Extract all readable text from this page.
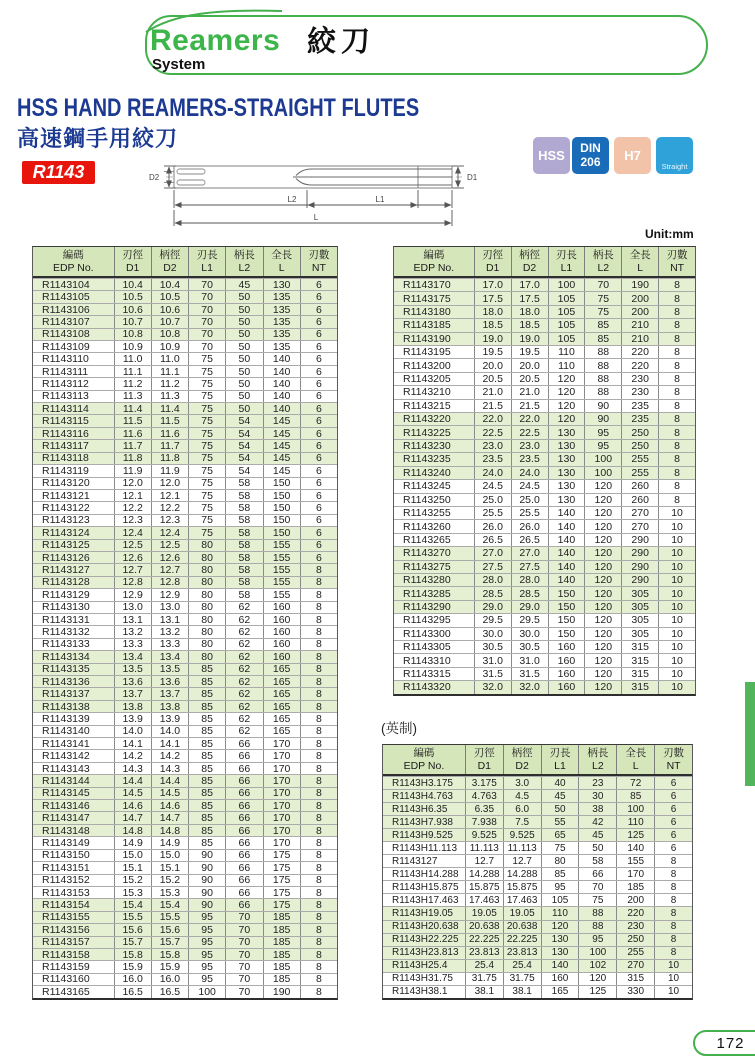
Reamers
System
絞刀
HSS HAND REAMERS-STRAIGHT FLUTES
高速鋼手用絞刀
R1143	D2	D1
L2	L1
L
HSS DIN
206 H7
Straight
Unit:mm
編碼
EDP No.
刃徑
D1
柄徑
D2
刃長
L1
柄長
L2
全長
L
刃數
NT
R1143104	10.4	10.4	70	45	130	6
R1143105	10.5	10.5	70	50	135	6
R1143106	10.6	10.6	70	50	135	6
R1143107	10.7	10.7	70	50	135	6
R1143108	10.8	10.8	70	50	135	6
R1143109	10.9	10.9	70	50	135	6
R1143110	11.0	11.0	75	50	140	6
R1143111	11.1	11.1	75	50	140	6
R1143112	11.2	11.2	75	50	140	6
R1143113	11.3	11.3	75	50	140	6
R1143114	11.4	11.4	75	50	140	6
R1143115	11.5	11.5	75	54	145	6
R1143116	11.6	11.6	75	54	145	6
R1143117	11.7	11.7	75	54	145	6
R1143118	11.8	11.8	75	54	145	6
R1143119	11.9	11.9	75	54	145	6
R1143120	12.0	12.0	75	58	150	6
R1143121	12.1	12.1	75	58	150	6
R1143122	12.2	12.2	75	58	150	6
R1143123	12.3	12.3	75	58	150	6
R1143124	12.4	12.4	75	58	150	6
R1143125	12.5	12.5	80	58	155	6
R1143126	12.6	12.6	80	58	155	6
R1143127	12.7	12.7	80	58	155	8
R1143128	12.8	12.8	80	58	155	8
R1143129	12.9	12.9	80	58	155	8
R1143130	13.0	13.0	80	62	160	8
R1143131	13.1	13.1	80	62	160	8
R1143132	13.2	13.2	80	62	160	8
R1143133	13.3	13.3	80	62	160	8
R1143134	13.4	13.4	80	62	160	8
R1143135	13.5	13.5	85	62	165	8
R1143136	13.6	13.6	85	62	165	8
R1143137	13.7	13.7	85	62	165	8
R1143138	13.8	13.8	85	62	165	8
R1143139	13.9	13.9	85	62	165	8
R1143140	14.0	14.0	85	62	165	8
R1143141	14.1	14.1	85	66	170	8
R1143142	14.2	14.2	85	66	170	8
R1143143	14.3	14.3	85	66	170	8
R1143144	14.4	14.4	85	66	170	8
R1143145	14.5	14.5	85	66	170	8
R1143146	14.6	14.6	85	66	170	8
R1143147	14.7	14.7	85	66	170	8
R1143148	14.8	14.8	85	66	170	8
R1143149	14.9	14.9	85	66	170	8
R1143150	15.0	15.0	90	66	175	8
R1143151	15.1	15.1	90	66	175	8
R1143152	15.2	15.2	90	66	175	8
R1143153	15.3	15.3	90	66	175	8
R1143154	15.4	15.4	90	66	175	8
R1143155	15.5	15.5	95	70	185	8
R1143156	15.6	15.6	95	70	185	8
R1143157	15.7	15.7	95	70	185	8
R1143158	15.8	15.8	95	70	185	8
R1143159	15.9	15.9	95	70	185	8
R1143160	16.0	16.0	95	70	185	8
R1143165	16.5	16.5	100	70	190	8
編碼
EDP No.
刃徑
D1
柄徑
D2
刃長
L1
柄長
L2
全長
L
刃數
NT
R1143170	17.0	17.0	100	70	190	8
R1143175	17.5	17.5	105	75	200	8
R1143180	18.0	18.0	105	75	200	8
R1143185	18.5	18.5	105	85	210	8
R1143190	19.0	19.0	105	85	210	8
R1143195	19.5	19.5	110	88	220	8
R1143200	20.0	20.0	110	88	220	8
R1143205	20.5	20.5	120	88	230	8
R1143210	21.0	21.0	120	88	230	8
R1143215	21.5	21.5	120	90	235	8
R1143220	22.0	22.0	120	90	235	8
R1143225	22.5	22.5	130	95	250	8
R1143230	23.0	23.0	130	95	250	8
R1143235	23.5	23.5	130	100	255	8
R1143240	24.0	24.0	130	100	255	8
R1143245	24.5	24.5	130	120	260	8
R1143250	25.0	25.0	130	120	260	8
R1143255	25.5	25.5	140	120	270	10
R1143260	26.0	26.0	140	120	270	10
R1143265	26.5	26.5	140	120	290	10
R1143270	27.0	27.0	140	120	290	10
R1143275	27.5	27.5	140	120	290	10
R1143280	28.0	28.0	140	120	290	10
R1143285	28.5	28.5	150	120	305	10
R1143290	29.0	29.0	150	120	305	10
R1143295	29.5	29.5	150	120	305	10
R1143300	30.0	30.0	150	120	305	10
R1143305	30.5	30.5	160	120	315	10
R1143310	31.0	31.0	160	120	315	10
R1143315	31.5	31.5	160	120	315	10
R1143320	32.0	32.0	160	120	315	10
(英制)
編碼
EDP No.
刃徑
D1
柄徑
D2
刃長
L1
柄長
L2
全長
L
刃數
NT
R1143H3.175	3.175	3.0	40	23	72	6
R1143H4.763	4.763	4.5	45	30	85	6
R1143H6.35	6.35	6.0	50	38	100	6
R1143H7.938	7.938	7.5	55	42	110	6
R1143H9.525	9.525	9.525	65	45	125	6
R1143H11.113	11.113 11.113	75	50	140	6
R1143127	12.7	12.7	80	58	155	8
R1143H14.288	14.288 14.288	85	66	170	8
R1143H15.875	15.875 15.875	95	70	185	8
R1143H17.463	17.463 17.463	105	75	200	8
R1143H19.05	19.05	19.05	110	88	220	8
R1143H20.638	20.638 20.638	120	88	230	8
R1143H22.225	22.225 22.225	130	95	250	8
R1143H23.813	23.813 23.813	130	100	255	8
R1143H25.4	25.4	25.4	140	102	270	10
R1143H31.75	31.75	31.75	160	120	315	10
R1143H38.1	38.1	38.1	165	125	330	10
172
